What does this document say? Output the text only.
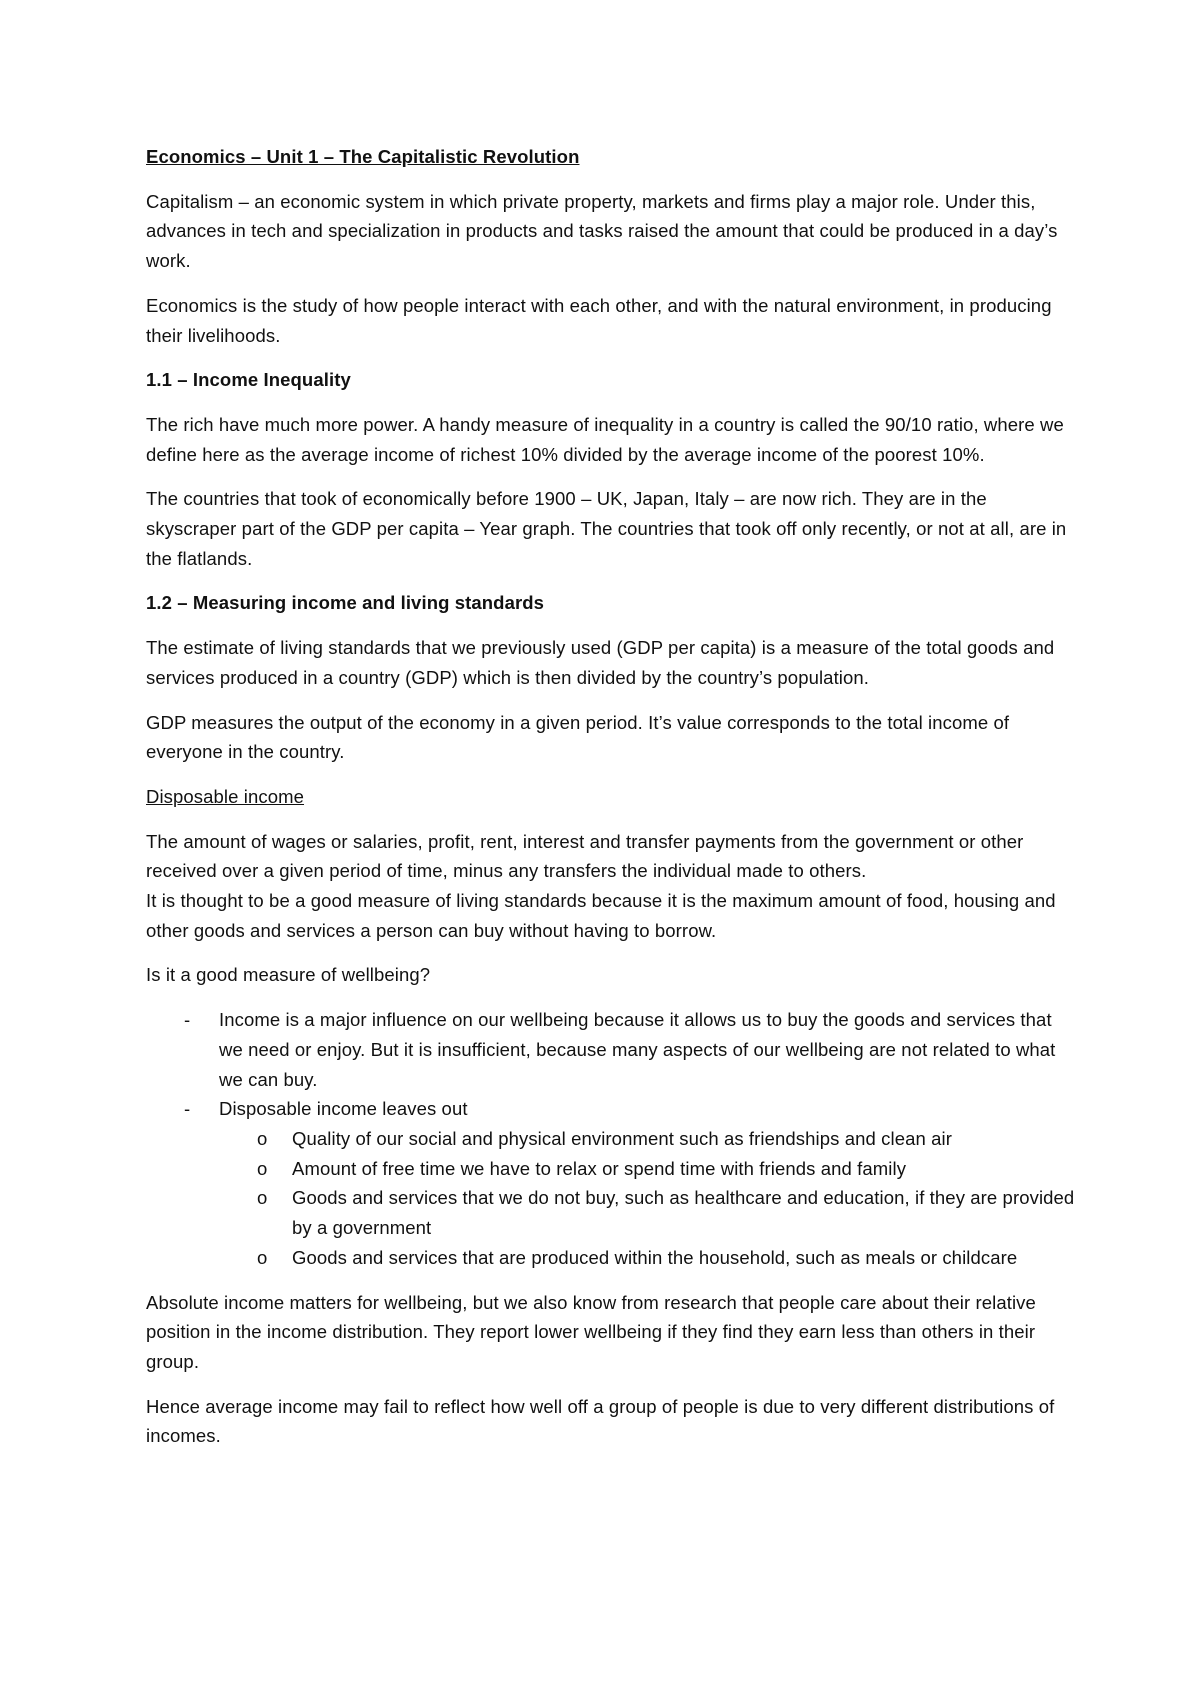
Economics – Unit 1 – The Capitalistic Revolution

Capitalism – an economic system in which private property, markets and firms play a major role. Under this, advances in tech and specialization in products and tasks raised the amount that could be produced in a day’s work.

Economics is the study of how people interact with each other, and with the natural environment, in producing their livelihoods.

1.1 – Income Inequality

The rich have much more power. A handy measure of inequality in a country is called the 90/10 ratio, where we define here as the average income of richest 10% divided by the average income of the poorest 10%.

The countries that took of economically before 1900 – UK, Japan, Italy – are now rich. They are in the skyscraper part of the GDP per capita – Year graph. The countries that took off only recently, or not at all, are in the flatlands.

1.2 – Measuring income and living standards

The estimate of living standards that we previously used (GDP per capita) is a measure of the total goods and services produced in a country (GDP) which is then divided by the country’s population.

GDP measures the output of the economy in a given period. It’s value corresponds to the total income of everyone in the country.

Disposable income

The amount of wages or salaries, profit, rent, interest and transfer payments from the government or other received over a given period of time, minus any transfers the individual made to others.
It is thought to be a good measure of living standards because it is the maximum amount of food, housing and other goods and services a person can buy without having to borrow.

Is it a good measure of wellbeing?

- Income is a major influence on our wellbeing because it allows us to buy the goods and services that we need or enjoy. But it is insufficient, because many aspects of our wellbeing are not related to what we can buy.
- Disposable income leaves out
o Quality of our social and physical environment such as friendships and clean air
o Amount of free time we have to relax or spend time with friends and family
o Goods and services that we do not buy, such as healthcare and education, if they are provided by a government
o Goods and services that are produced within the household, such as meals or childcare

Absolute income matters for wellbeing, but we also know from research that people care about their relative position in the income distribution. They report lower wellbeing if they find they earn less than others in their group.

Hence average income may fail to reflect how well off a group of people is due to very different distributions of incomes.
